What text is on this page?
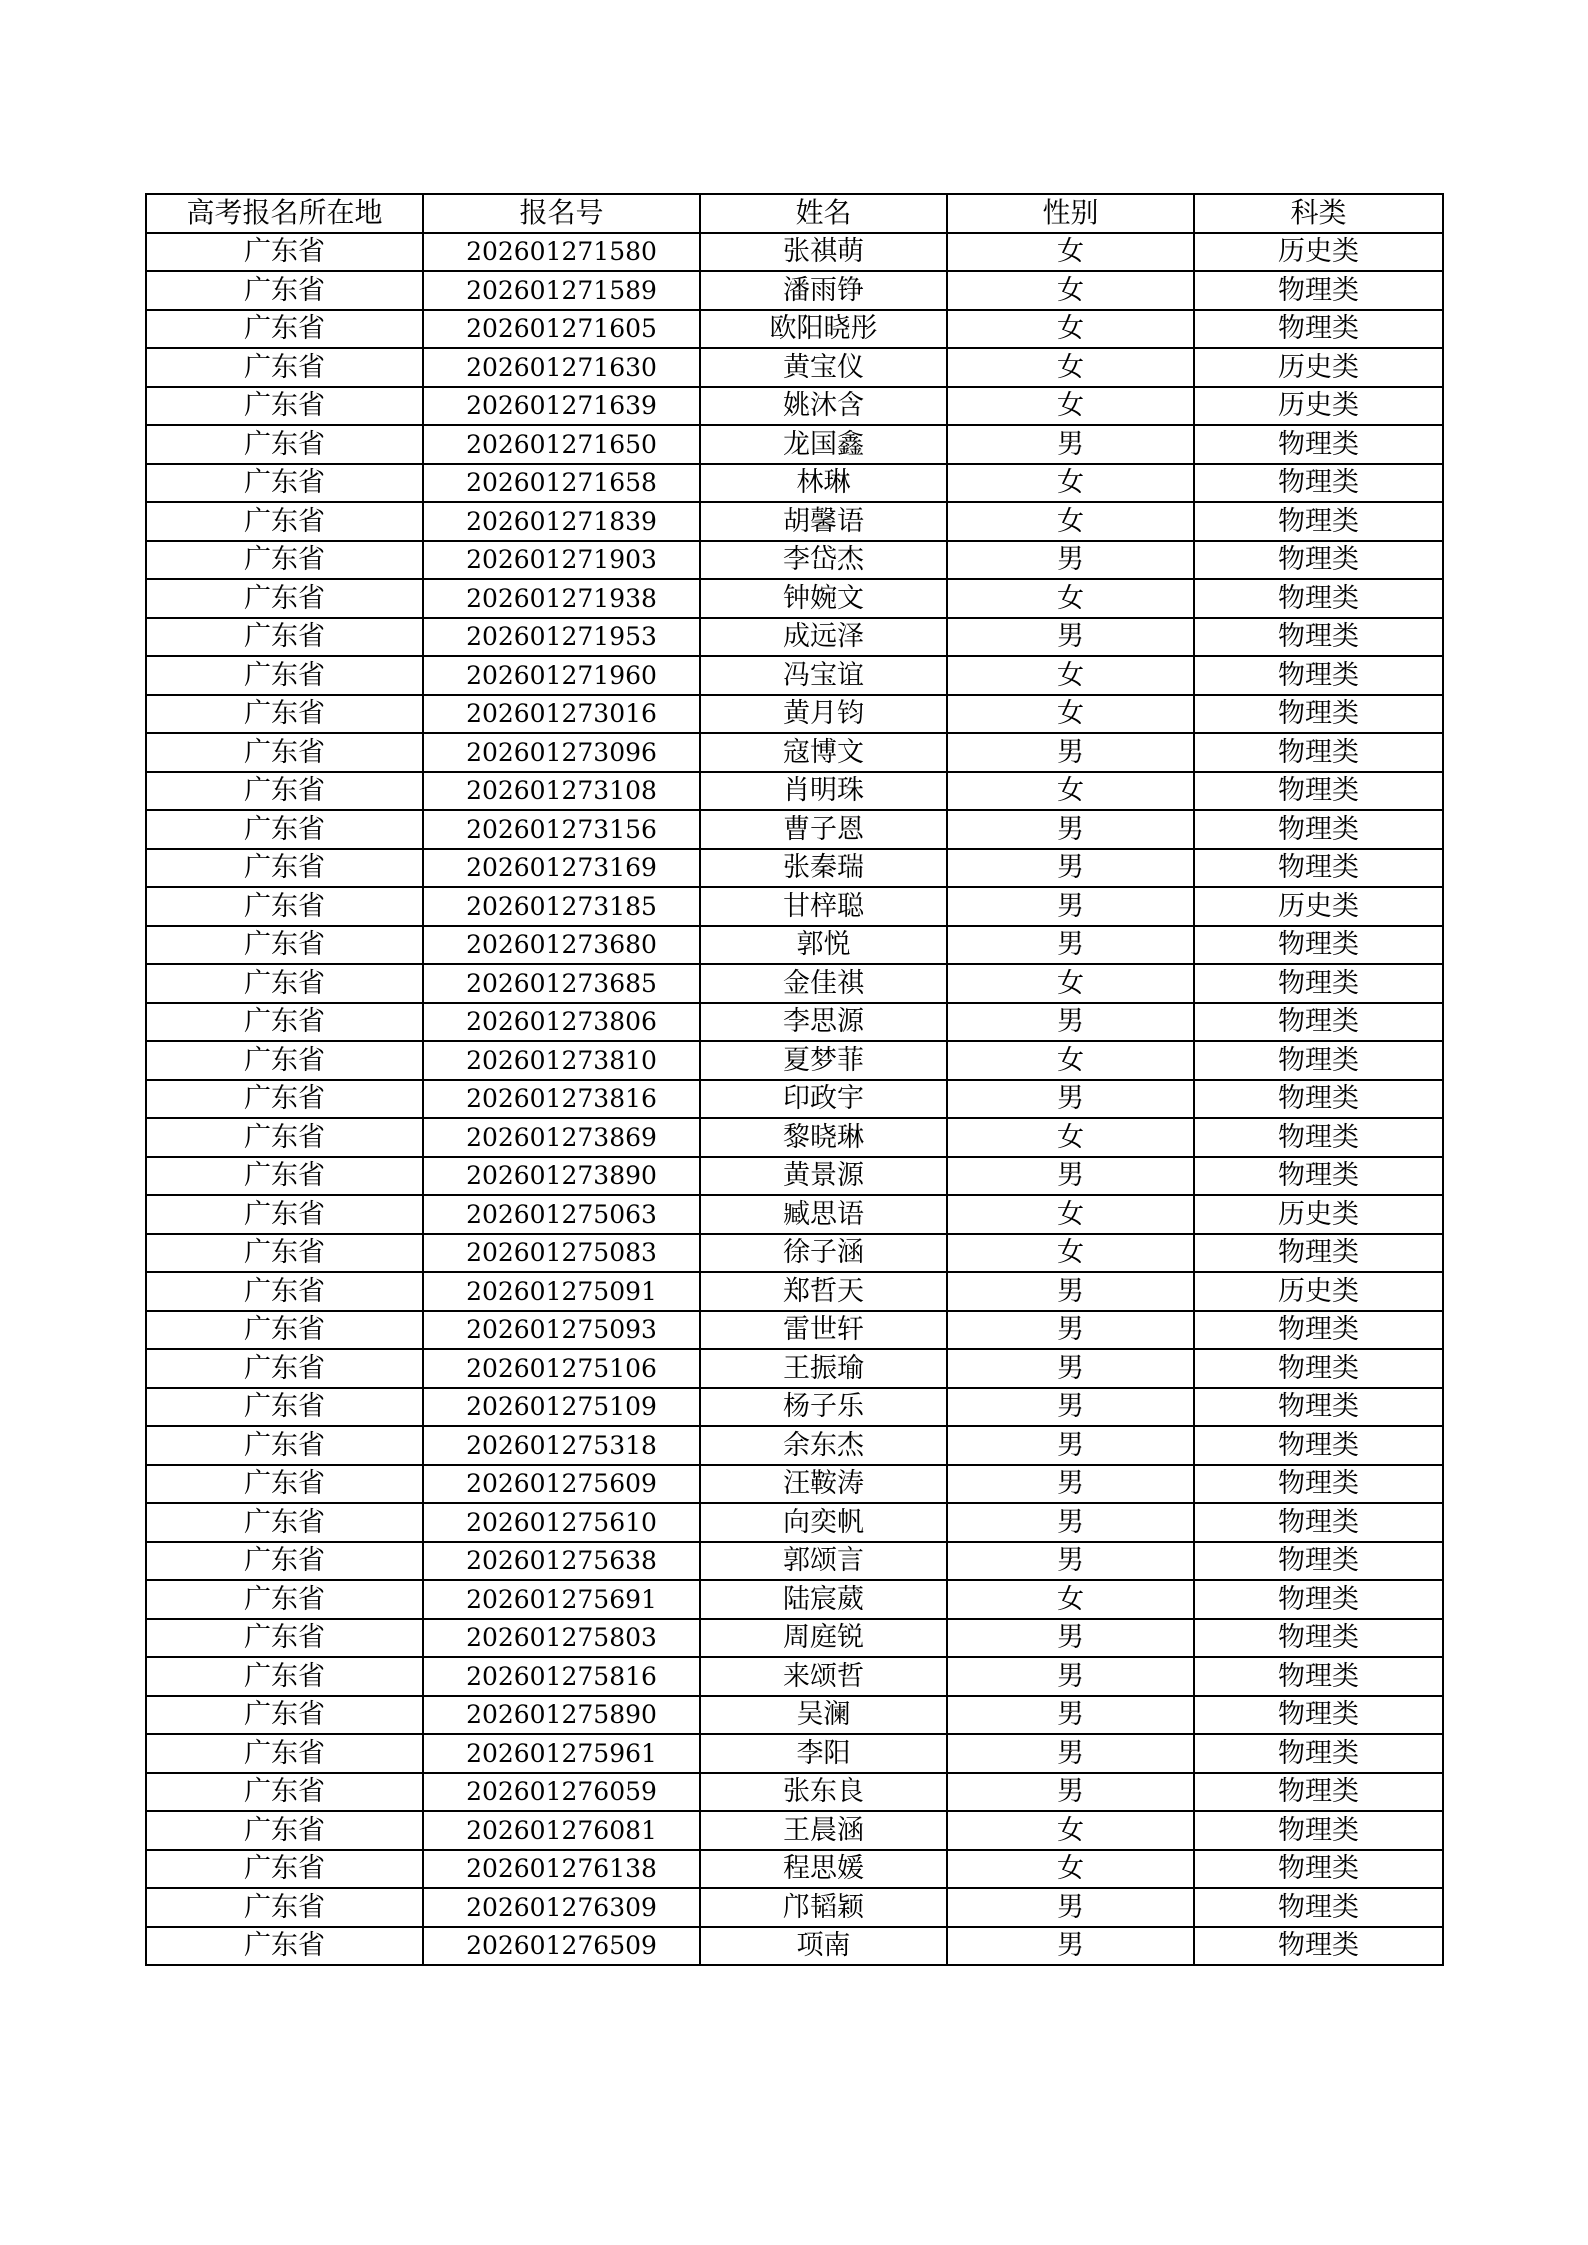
高考报名所在地	报名号	姓名	性别	科类
广东省	202601271580	张祺萌	女	历史类
广东省	202601271589	潘雨铮	女	物理类
广东省	202601271605	欧阳晓彤	女	物理类
广东省	202601271630	黄宝仪	女	历史类
广东省	202601271639	姚沐含	女	历史类
广东省	202601271650	龙国鑫	男	物理类
广东省	202601271658	林琳	女	物理类
广东省	202601271839	胡馨语	女	物理类
广东省	202601271903	李岱杰	男	物理类
广东省	202601271938	钟婉文	女	物理类
广东省	202601271953	成远泽	男	物理类
广东省	202601271960	冯宝谊	女	物理类
广东省	202601273016	黄月钧	女	物理类
广东省	202601273096	寇博文	男	物理类
广东省	202601273108	肖明珠	女	物理类
广东省	202601273156	曹子恩	男	物理类
广东省	202601273169	张秦瑞	男	物理类
广东省	202601273185	甘梓聪	男	历史类
广东省	202601273680	郭悦	男	物理类
广东省	202601273685	金佳祺	女	物理类
广东省	202601273806	李思源	男	物理类
广东省	202601273810	夏梦菲	女	物理类
广东省	202601273816	印政宇	男	物理类
广东省	202601273869	黎晓琳	女	物理类
广东省	202601273890	黄景源	男	物理类
广东省	202601275063	臧思语	女	历史类
广东省	202601275083	徐子涵	女	物理类
广东省	202601275091	郑哲天	男	历史类
广东省	202601275093	雷世轩	男	物理类
广东省	202601275106	王振瑜	男	物理类
广东省	202601275109	杨子乐	男	物理类
广东省	202601275318	余东杰	男	物理类
广东省	202601275609	汪鞍涛	男	物理类
广东省	202601275610	向奕帆	男	物理类
广东省	202601275638	郭颂言	男	物理类
广东省	202601275691	陆宸葳	女	物理类
广东省	202601275803	周庭锐	男	物理类
广东省	202601275816	来颂哲	男	物理类
广东省	202601275890	吴澜	男	物理类
广东省	202601275961	李阳	男	物理类
广东省	202601276059	张东良	男	物理类
广东省	202601276081	王晨涵	女	物理类
广东省	202601276138	程思媛	女	物理类
广东省	202601276309	邝韬颖	男	物理类
广东省	202601276509	项南	男	物理类
